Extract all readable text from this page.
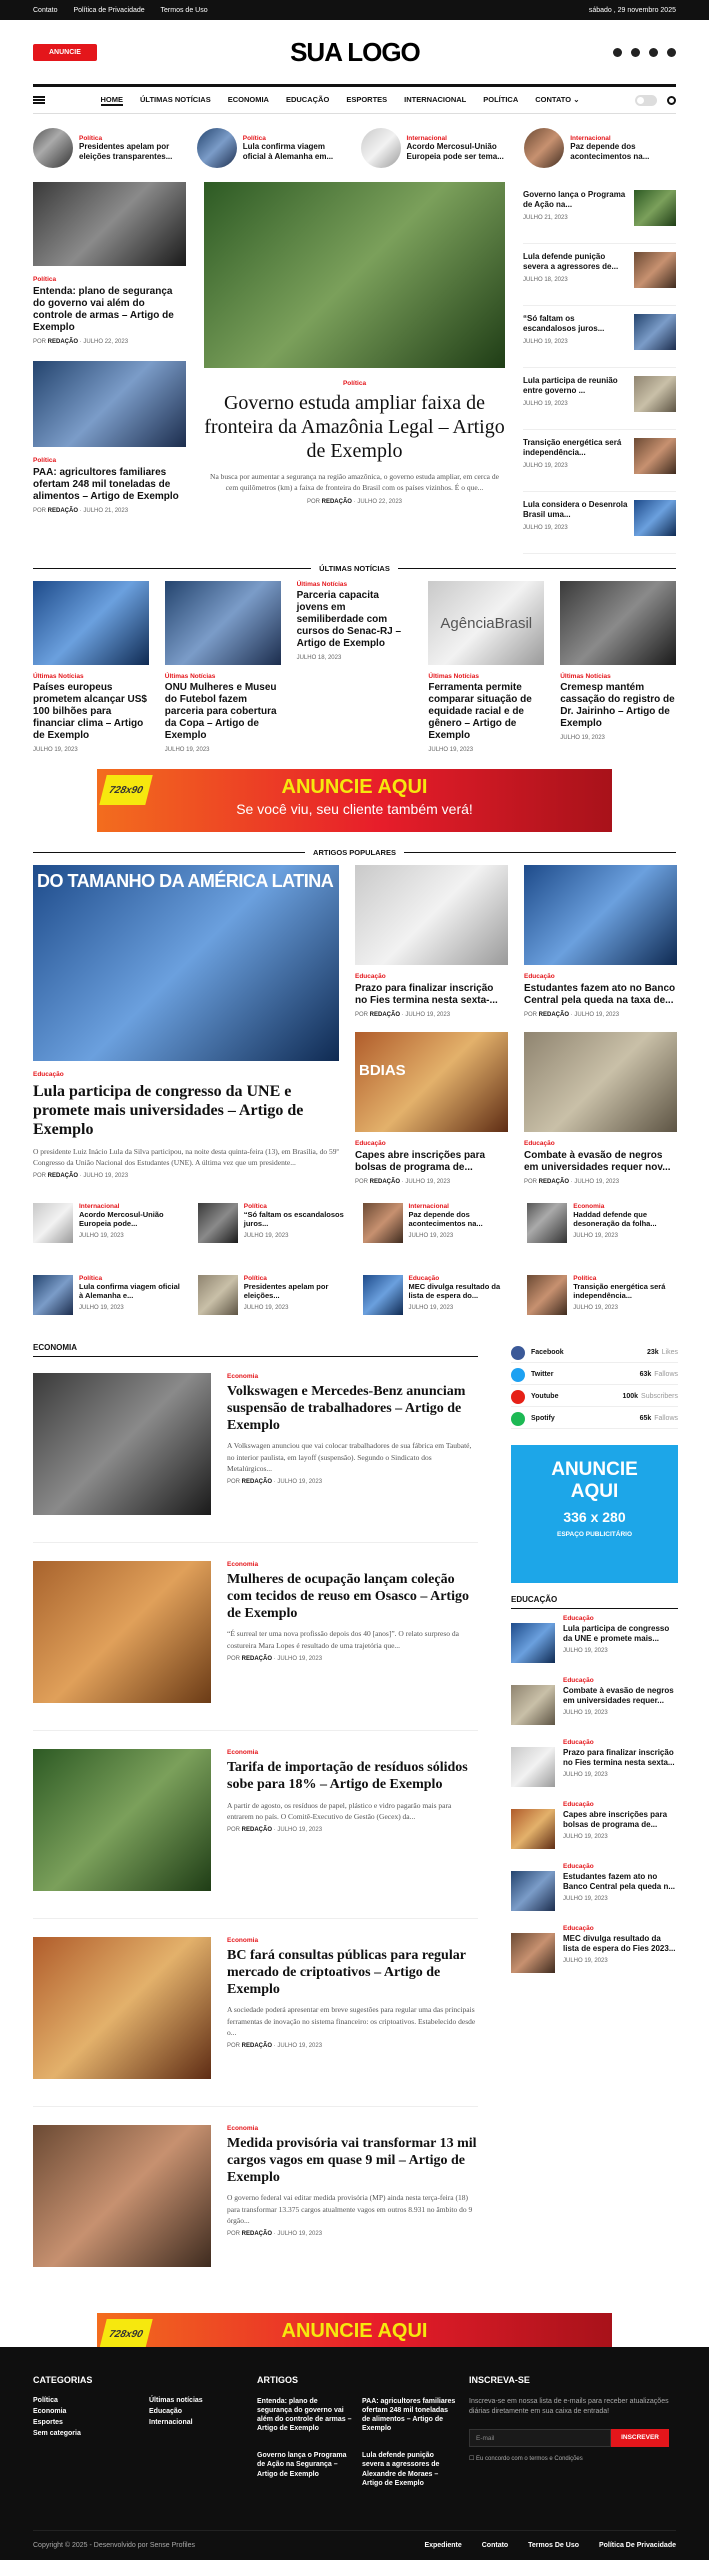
Contato Política de Privacidade Termos de Uso	sábado , 29 novembro 2025
ANUNCIE	SUA LOGO
HOME ÚLTIMAS NOTÍCIAS ECONOMIA EDUCAÇÃO ESPORTES INTERNACIONAL POLÍTICA CONTATO ⌄
Política
Presidentes apelam por eleições transparentes...
Política
Lula confirma viagem oficial à Alemanha em...
Internacional
Acordo Mercosul-União Europeia pode ser tema...
Internacional
Paz depende dos acontecimentos na...
Política
Entenda: plano de segurança do governo vai além do controle de armas – Artigo de Exemplo
POR REDAÇÃO · JULHO 22, 2023
Política
PAA: agricultores familiares ofertam 248 mil toneladas de alimentos – Artigo de Exemplo
POR REDAÇÃO · JULHO 21, 2023
Política
Governo estuda ampliar faixa de fronteira da Amazônia Legal – Artigo de Exemplo
Na busca por aumentar a segurança na região amazônica, o governo estuda ampliar, em cerca de cem quilômetros (km) a faixa de fronteira do Brasil com os países vizinhos. É o que...
POR REDAÇÃO · JULHO 22, 2023
Governo lança o Programa de Ação na...
JULHO 21, 2023
Lula defende punição severa a agressores de...
JULHO 18, 2023
“Só faltam os escandalosos juros...
JULHO 19, 2023
Lula participa de reunião entre governo ...
JULHO 19, 2023
Transição energética será independência...
JULHO 19, 2023
Lula considera o Desenrola Brasil uma...
JULHO 19, 2023
ÚLTIMAS NOTÍCIAS
Últimas Notícias
Países europeus prometem alcançar US$ 100 bilhões para financiar clima – Artigo de Exemplo
JULHO 19, 2023
Últimas Notícias
ONU Mulheres e Museu do Futebol fazem parceria para cobertura da Copa – Artigo de Exemplo
JULHO 19, 2023
Últimas Notícias
Parceria capacita jovens em semiliberdade com cursos do Senac-RJ – Artigo de Exemplo
JULHO 18, 2023
AgênciaBrasil
Últimas Notícias
Ferramenta permite comparar situação de equidade racial e de gênero – Artigo de Exemplo
JULHO 19, 2023
Últimas Notícias
Cremesp mantém cassação do registro de Dr. Jairinho – Artigo de Exemplo
JULHO 19, 2023
728x90	ANUNCIE AQUI
Se você viu, seu cliente também verá!
ARTIGOS POPULARES
DO TAMANHO DA AMÉRICA LATINA
Educação
Lula participa de congresso da UNE e promete mais universidades – Artigo de Exemplo
O presidente Luiz Inácio Lula da Silva participou, na noite desta quinta-feira (13), em Brasília, do 59º Congresso da União Nacional dos Estudantes (UNE). A última vez que um presidente...
POR REDAÇÃO · JULHO 19, 2023
Educação
Prazo para finalizar inscrição no Fies termina nesta sexta-...
POR REDAÇÃO · JULHO 19, 2023
BDIAS
Educação
Capes abre inscrições para bolsas de programa de...
POR REDAÇÃO · JULHO 19, 2023
Educação
Estudantes fazem ato no Banco Central pela queda na taxa de...
POR REDAÇÃO · JULHO 19, 2023
Educação
Combate à evasão de negros em universidades requer nov...
POR REDAÇÃO · JULHO 19, 2023
Internacional
Acordo Mercosul-União Europeia pode...
JULHO 19, 2023
Política
“Só faltam os escandalosos juros...
JULHO 19, 2023
Internacional
Paz depende dos acontecimentos na...
JULHO 19, 2023
Economia
Haddad defende que desoneração da folha...
JULHO 19, 2023
Política
Lula confirma viagem oficial à Alemanha e...
JULHO 19, 2023
Política
Presidentes apelam por eleições...
JULHO 19, 2023
Educação
MEC divulga resultado da lista de espera do...
JULHO 19, 2023
Política
Transição energética será independência...
JULHO 19, 2023
ECONOMIA
Economia
Volkswagen e Mercedes-Benz anunciam suspensão de trabalhadores – Artigo de Exemplo
A Volkswagen anunciou que vai colocar trabalhadores de sua fábrica em Taubaté, no interior paulista, em layoff (suspensão). Segundo o Sindicato dos Metalúrgicos...
POR REDAÇÃO · JULHO 19, 2023
Economia
Mulheres de ocupação lançam coleção com tecidos de reuso em Osasco – Artigo de Exemplo
“É surreal ter uma nova profissão depois dos 40 [anos]”. O relato surpreso da costureira Mara Lopes é resultado de uma trajetória que...
POR REDAÇÃO · JULHO 19, 2023
Economia
Tarifa de importação de resíduos sólidos sobe para 18% – Artigo de Exemplo
A partir de agosto, os resíduos de papel, plástico e vidro pagarão mais para entrarem no país. O Comitê-Executivo de Gestão (Gecex) da...
POR REDAÇÃO · JULHO 19, 2023
Economia
BC fará consultas públicas para regular mercado de criptoativos – Artigo de Exemplo
A sociedade poderá apresentar em breve sugestões para regular uma das principais ferramentas de inovação no sistema financeiro: os criptoativos. Estabelecido desde o...
POR REDAÇÃO · JULHO 19, 2023
Economia
Medida provisória vai transformar 13 mil cargos vagos em quase 9 mil – Artigo de Exemplo
O governo federal vai editar medida provisória (MP) ainda nesta terça-feira (18) para transformar 13.375 cargos atualmente vagos em outros 8.931 no âmbito do 9 órgão...
POR REDAÇÃO · JULHO 19, 2023
Facebook	23k Likes
Twitter	63k Fallows
Youtube	100k Subscribers
Spotify	65k Fallows
ANUNCIE
AQUI
336 x 280
ESPAÇO PUBLICITÁRIO
EDUCAÇÃO
Educação
Lula participa de congresso da UNE e promete mais...
JULHO 19, 2023
Educação
Combate à evasão de negros em universidades requer...
JULHO 19, 2023
Educação
Prazo para finalizar inscrição no Fies termina nesta sexta...
JULHO 19, 2023
Educação
Capes abre inscrições para bolsas de programa de...
JULHO 19, 2023
Educação
Estudantes fazem ato no Banco Central pela queda n...
JULHO 19, 2023
Educação
MEC divulga resultado da lista de espera do Fies 2023...
JULHO 19, 2023
728x90	ANUNCIE AQUI
CATEGORIAS
Política	Últimas notícias
Economia	Educação
Esportes	Internacional
Sem categoria
ARTIGOS
Entenda: plano de segurança do governo vai além do controle de armas – Artigo de Exemplo
PAA: agricultores familiares ofertam 248 mil toneladas de alimentos – Artigo de Exemplo
Governo lança o Programa de Ação na Segurança – Artigo de Exemplo
Lula defende punição severa a agressores de Alexandre de Moraes – Artigo de Exemplo
INSCREVA-SE
Inscreva-se em nossa lista de e-mails para receber atualizações diárias diretamente em sua caixa de entrada!
E-mail	INSCREVER
☐ Eu concordo com o termos e Condições
Copyright © 2025 - Desenvolvido por Sense Profiles	Expediente	Contato	Termos De Uso	Política De Privacidade
